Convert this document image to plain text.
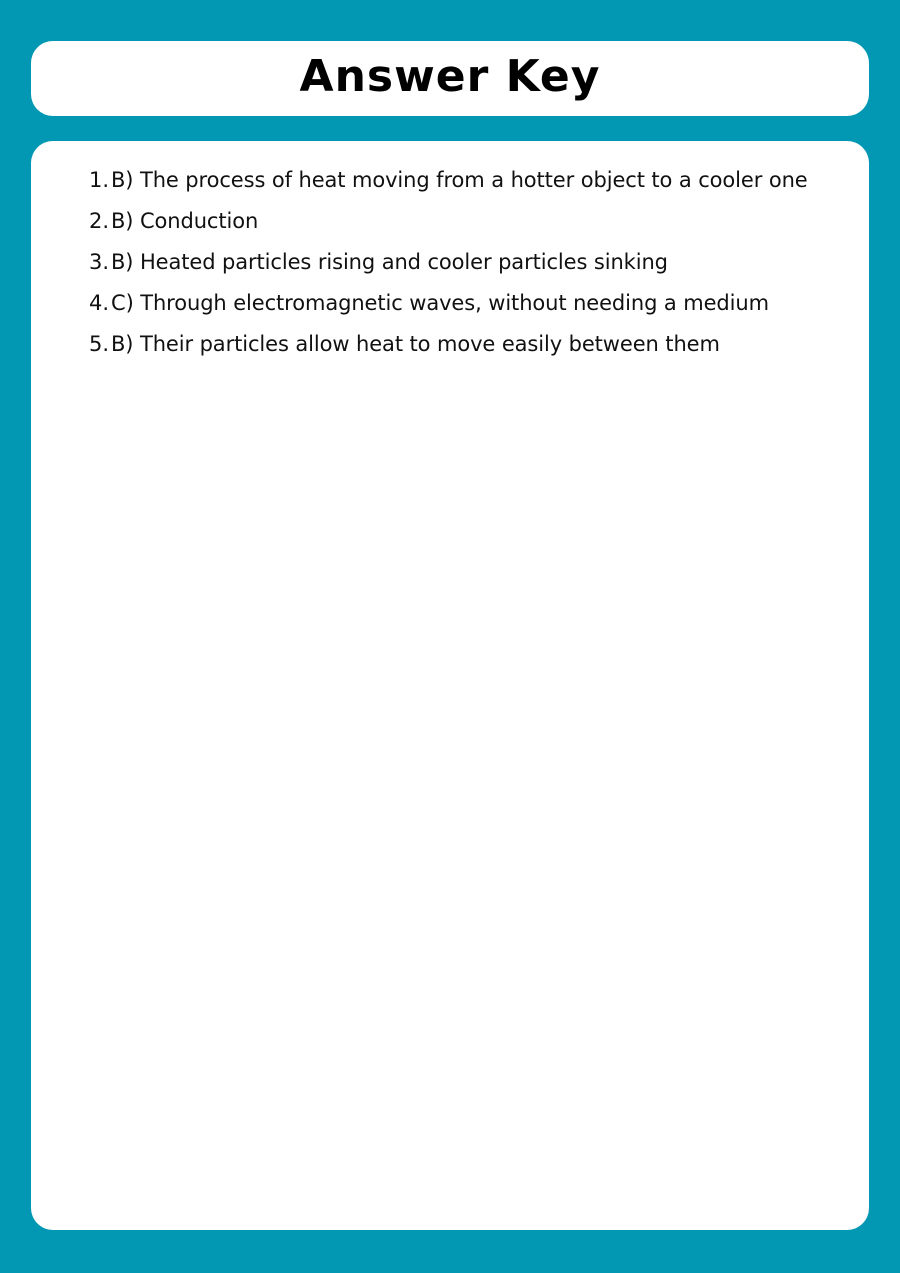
Answer Key
1. B) The process of heat moving from a hotter object to a cooler one
2. B) Conduction
3. B) Heated particles rising and cooler particles sinking
4. C) Through electromagnetic waves, without needing a medium
5. B) Their particles allow heat to move easily between them
